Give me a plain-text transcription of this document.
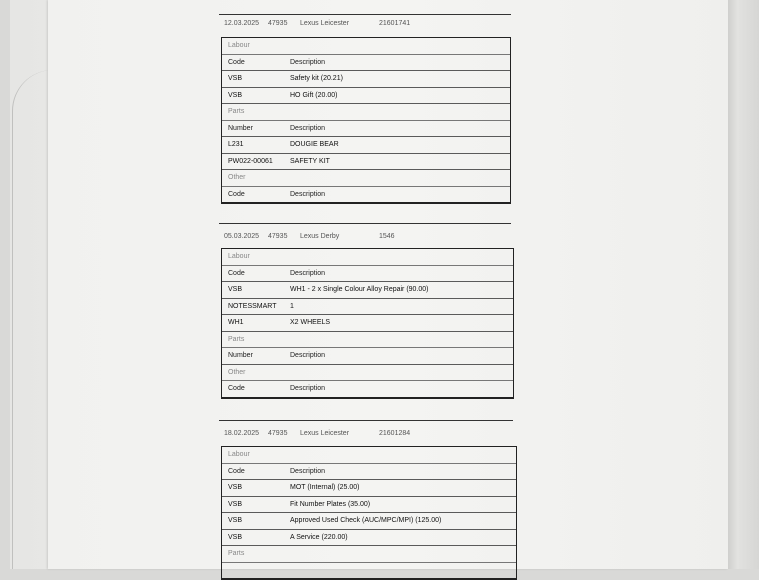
12.03.2025 47935 Lexus Leicester	21601741
Labour
Code	Description
VSB	Safety kit (20.21)
VSB	HO Gift (20.00)
Parts
Number	Description
L231	DOUGIE BEAR
PW022-00061	SAFETY KIT
Other
Code	Description
05.03.2025 47935 Lexus Derby	1546
Labour
Code	Description
VSB	WH1 - 2 x Single Colour Alloy Repair (90.00)
NOTESSMART	1
WH1	X2 WHEELS
Parts
Number	Description
Other
Code	Description
18.02.2025 47935 Lexus Leicester	21601284
Labour
Code	Description
VSB	MOT (Internal) (25.00)
VSB	Fit Number Plates (35.00)
VSB	Approved Used Check (AUC/MPC/MPI) (125.00)
VSB	A Service (220.00)
Parts
